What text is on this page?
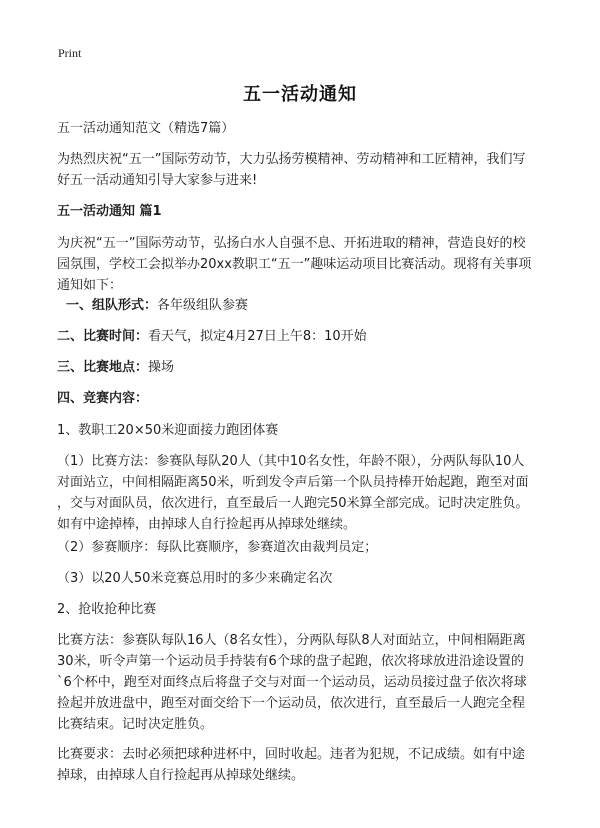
Print
五一活动通知
五一活动通知范文（精选7篇）
为热烈庆祝“五一”国际劳动节，大力弘扬劳模精神、劳动精神和工匠精神，我们写
好五一活动通知引导大家参与进来!
五一活动通知 篇1
为庆祝“五一”国际劳动节，弘扬白水人自强不息、开拓进取的精神，营造良好的校
园氛围，学校工会拟举办20xx教职工“五一”趣味运动项目比赛活动。现将有关事项
通知如下：
一、组队形式：各年级组队参赛
二、比赛时间：看天气，拟定4月27日上午8：10开始
三、比赛地点：操场
四、竞赛内容：
1、教职工20×50米迎面接力跑团体赛
（1）比赛方法：参赛队每队20人（其中10名女性，年龄不限），分两队每队10人
对面站立，中间相隔距离50米，听到发令声后第一个队员持棒开始起跑，跑至对面
，交与对面队员，依次进行，直至最后一人跑完50米算全部完成。记时决定胜负。
如有中途掉棒，由掉球人自行捡起再从掉球处继续。
（2）参赛顺序：每队比赛顺序，参赛道次由裁判员定；
（3）以20人50米竞赛总用时的多少来确定名次
2、抢收抢种比赛
比赛方法：参赛队每队16人（8名女性），分两队每队8人对面站立，中间相隔距离
30米，听令声第一个运动员手持装有6个球的盘子起跑，依次将球放进沿途设置的
`6个杯中，跑至对面终点后将盘子交与对面一个运动员，运动员接过盘子依次将球
捡起并放进盘中，跑至对面交给下一个运动员，依次进行，直至最后一人跑完全程
比赛结束。记时决定胜负。
比赛要求：去时必须把球种进杯中，回时收起。违者为犯规，不记成绩。如有中途
掉球，由掉球人自行捡起再从掉球处继续。
